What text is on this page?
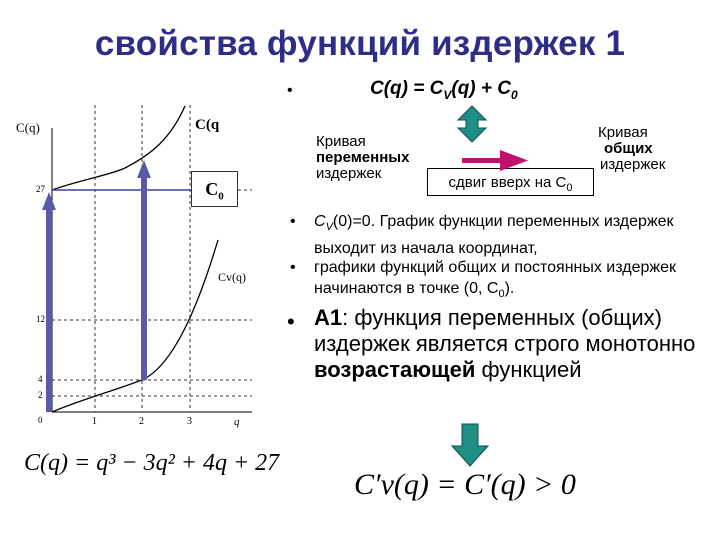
свойства функций издержек 1
•	$C(q) = C_V(q) + C_0$
Кривая
переменных
издержек
Кривая
общих
издержек
сдвиг вверх на $С_0$
• $C_V(0)=0$. График функции переменных издержек выходит из начала координат,
• графики функций общих и постоянных издержек начинаются в точке (0, $C_0$).
• A1: функция переменных (общих) издержек является строго монотонно возрастающей функцией
C(q)	C(q
Cv(q)
$C_0$
27
12
4
2
0	1	2	3	q
C(q) = q³ − 3q² + 4q + 27
C′v(q) = C′(q) > 0
